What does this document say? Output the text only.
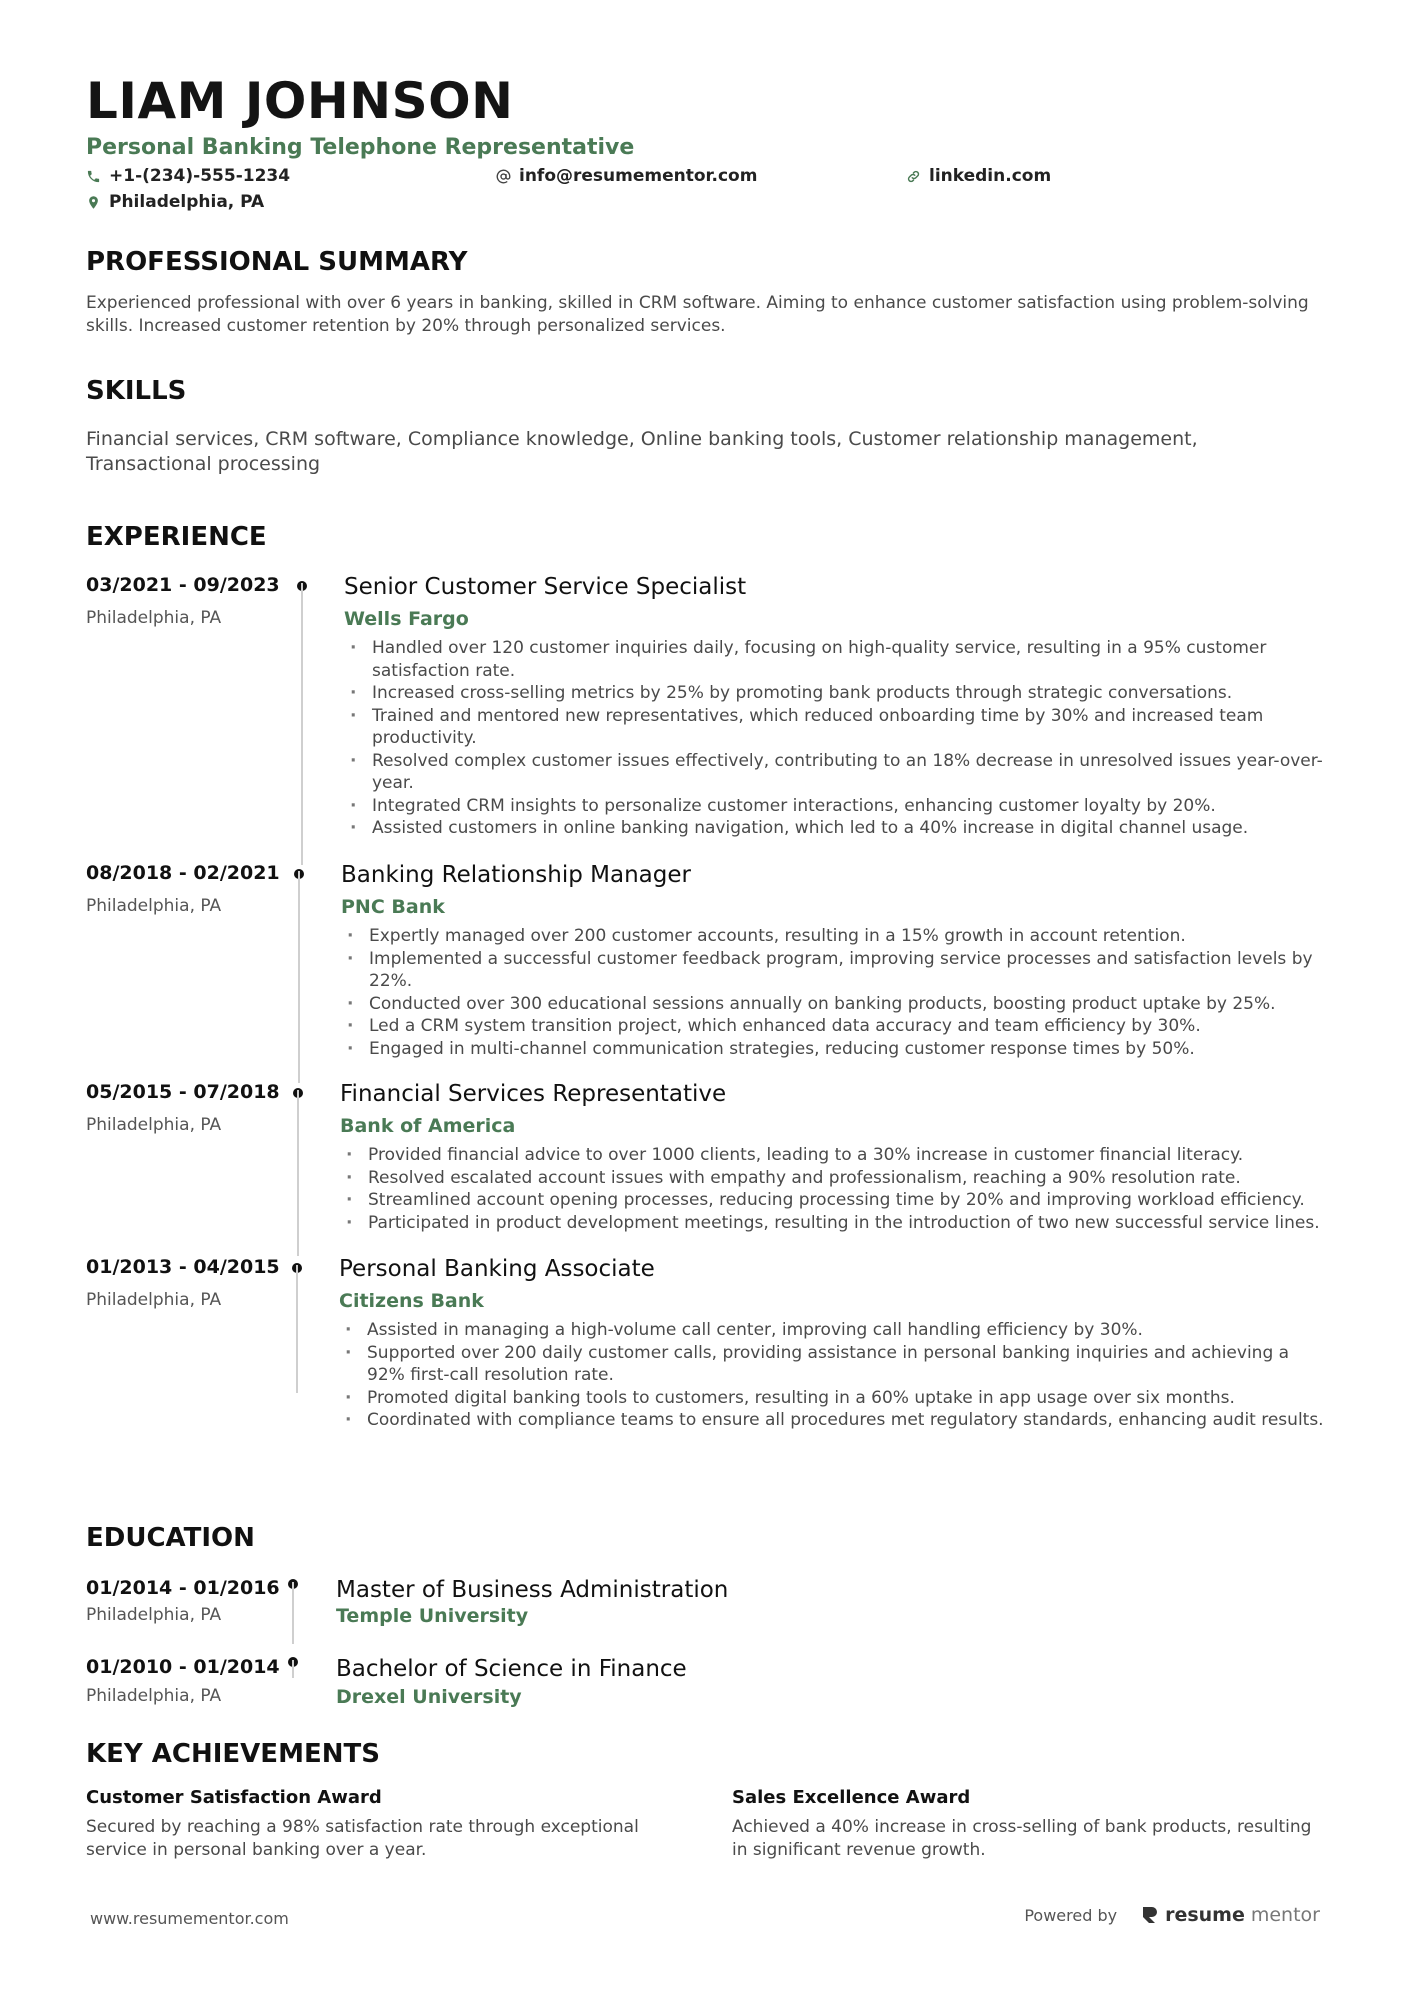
LIAM JOHNSON
Personal Banking Telephone Representative
+1-(234)-555-1234	info@resumementor.com	linkedin.com
Philadelphia, PA
PROFESSIONAL SUMMARY
Experienced professional with over 6 years in banking, skilled in CRM software. Aiming to enhance customer satisfaction using problem-solving skills. Increased customer retention by 20% through personalized services.
SKILLS
Financial services, CRM software, Compliance knowledge, Online banking tools, Customer relationship management, Transactional processing
EXPERIENCE
03/2021 - 09/2023
Philadelphia, PA
Senior Customer Service Specialist
Wells Fargo
· Handled over 120 customer inquiries daily, focusing on high-quality service, resulting in a 95% customer satisfaction rate.
· Increased cross-selling metrics by 25% by promoting bank products through strategic conversations.
· Trained and mentored new representatives, which reduced onboarding time by 30% and increased team productivity.
· Resolved complex customer issues effectively, contributing to an 18% decrease in unresolved issues year-over-year.
· Integrated CRM insights to personalize customer interactions, enhancing customer loyalty by 20%.
· Assisted customers in online banking navigation, which led to a 40% increase in digital channel usage.
08/2018 - 02/2021
Philadelphia, PA
Banking Relationship Manager
PNC Bank
· Expertly managed over 200 customer accounts, resulting in a 15% growth in account retention.
· Implemented a successful customer feedback program, improving service processes and satisfaction levels by 22%.
· Conducted over 300 educational sessions annually on banking products, boosting product uptake by 25%.
· Led a CRM system transition project, which enhanced data accuracy and team efficiency by 30%.
· Engaged in multi-channel communication strategies, reducing customer response times by 50%.
05/2015 - 07/2018
Philadelphia, PA
Financial Services Representative
Bank of America
· Provided financial advice to over 1000 clients, leading to a 30% increase in customer financial literacy.
· Resolved escalated account issues with empathy and professionalism, reaching a 90% resolution rate.
· Streamlined account opening processes, reducing processing time by 20% and improving workload efficiency.
· Participated in product development meetings, resulting in the introduction of two new successful service lines.
01/2013 - 04/2015
Philadelphia, PA
Personal Banking Associate
Citizens Bank
· Assisted in managing a high-volume call center, improving call handling efficiency by 30%.
· Supported over 200 daily customer calls, providing assistance in personal banking inquiries and achieving a 92% first-call resolution rate.
· Promoted digital banking tools to customers, resulting in a 60% uptake in app usage over six months.
· Coordinated with compliance teams to ensure all procedures met regulatory standards, enhancing audit results.
EDUCATION
01/2014 - 01/2016
Philadelphia, PA
Master of Business Administration
Temple University
01/2010 - 01/2014
Philadelphia, PA
Bachelor of Science in Finance
Drexel University
KEY ACHIEVEMENTS
Customer Satisfaction Award
Secured by reaching a 98% satisfaction rate through exceptional service in personal banking over a year.
Sales Excellence Award
Achieved a 40% increase in cross-selling of bank products, resulting in significant revenue growth.
www.resumementor.com	Powered by	resume mentor
